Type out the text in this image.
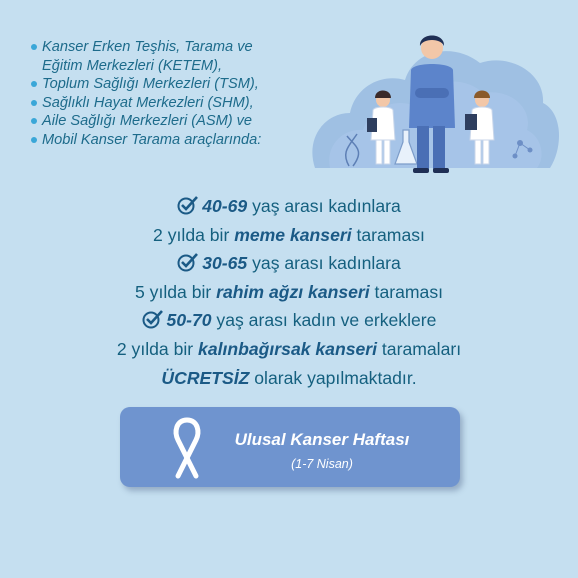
Kanser Erken Teşhis, Tarama ve
Eğitim Merkezleri (KETEM),
Toplum Sağlığı Merkezleri (TSM),
Sağlıklı Hayat Merkezleri (SHM),
Aile Sağlığı Merkezleri (ASM) ve
Mobil Kanser Tarama araçlarında:
40-69 yaş arası kadınlara
2 yılda bir meme kanseri taraması
30-65 yaş arası kadınlara
5 yılda bir rahim ağzı kanseri taraması
50-70 yaş arası kadın ve erkeklere
2 yılda bir kalınbağırsak kanseri taramaları
ÜCRETSİZ olarak yapılmaktadır.
Ulusal Kanser Haftası
(1-7 Nisan)
